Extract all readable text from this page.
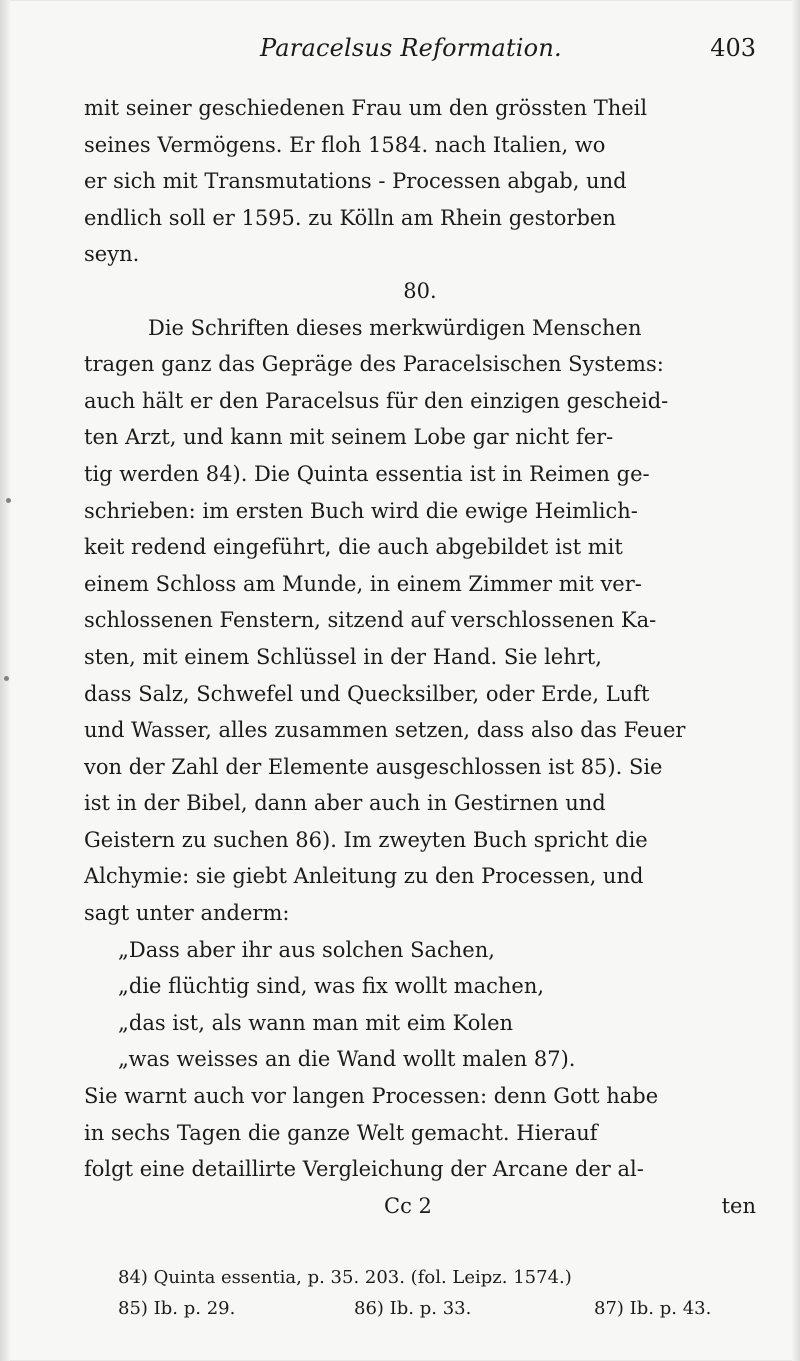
Paracelsus Reformation.	403
mit seiner geschiedenen Frau um den grössten Theil
seines Vermögens. Er floh 1584. nach Italien, wo
er sich mit Transmutations - Processen abgab, und
endlich soll er 1595. zu Kölln am Rhein gestorben
seyn.
80.
Die Schriften dieses merkwürdigen Menschen
tragen ganz das Gepräge des Paracelsischen Systems:
auch hält er den Paracelsus für den einzigen gescheid-
ten Arzt, und kann mit seinem Lobe gar nicht fer-
tig werden 84). Die Quinta essentia ist in Reimen ge-
schrieben: im ersten Buch wird die ewige Heimlich-
keit redend eingeführt, die auch abgebildet ist mit
einem Schloss am Munde, in einem Zimmer mit ver-
schlossenen Fenstern, sitzend auf verschlossenen Ka-
sten, mit einem Schlüssel in der Hand. Sie lehrt,
dass Salz, Schwefel und Quecksilber, oder Erde, Luft
und Wasser, alles zusammen setzen, dass also das Feuer
von der Zahl der Elemente ausgeschlossen ist 85). Sie
ist in der Bibel, dann aber auch in Gestirnen und
Geistern zu suchen 86). Im zweyten Buch spricht die
Alchymie: sie giebt Anleitung zu den Processen, und
sagt unter anderm:
„Dass aber ihr aus solchen Sachen,
„die flüchtig sind, was fix wollt machen,
„das ist, als wann man mit eim Kolen
„was weisses an die Wand wollt malen 87).
Sie warnt auch vor langen Processen: denn Gott habe
in sechs Tagen die ganze Welt gemacht. Hierauf
folgt eine detaillirte Vergleichung der Arcane der al-
Cc 2	ten
84) Quinta essentia, p. 35. 203. (fol. Leipz. 1574.)
85) Ib. p. 29.	86) Ib. p. 33.	87) Ib. p. 43.
